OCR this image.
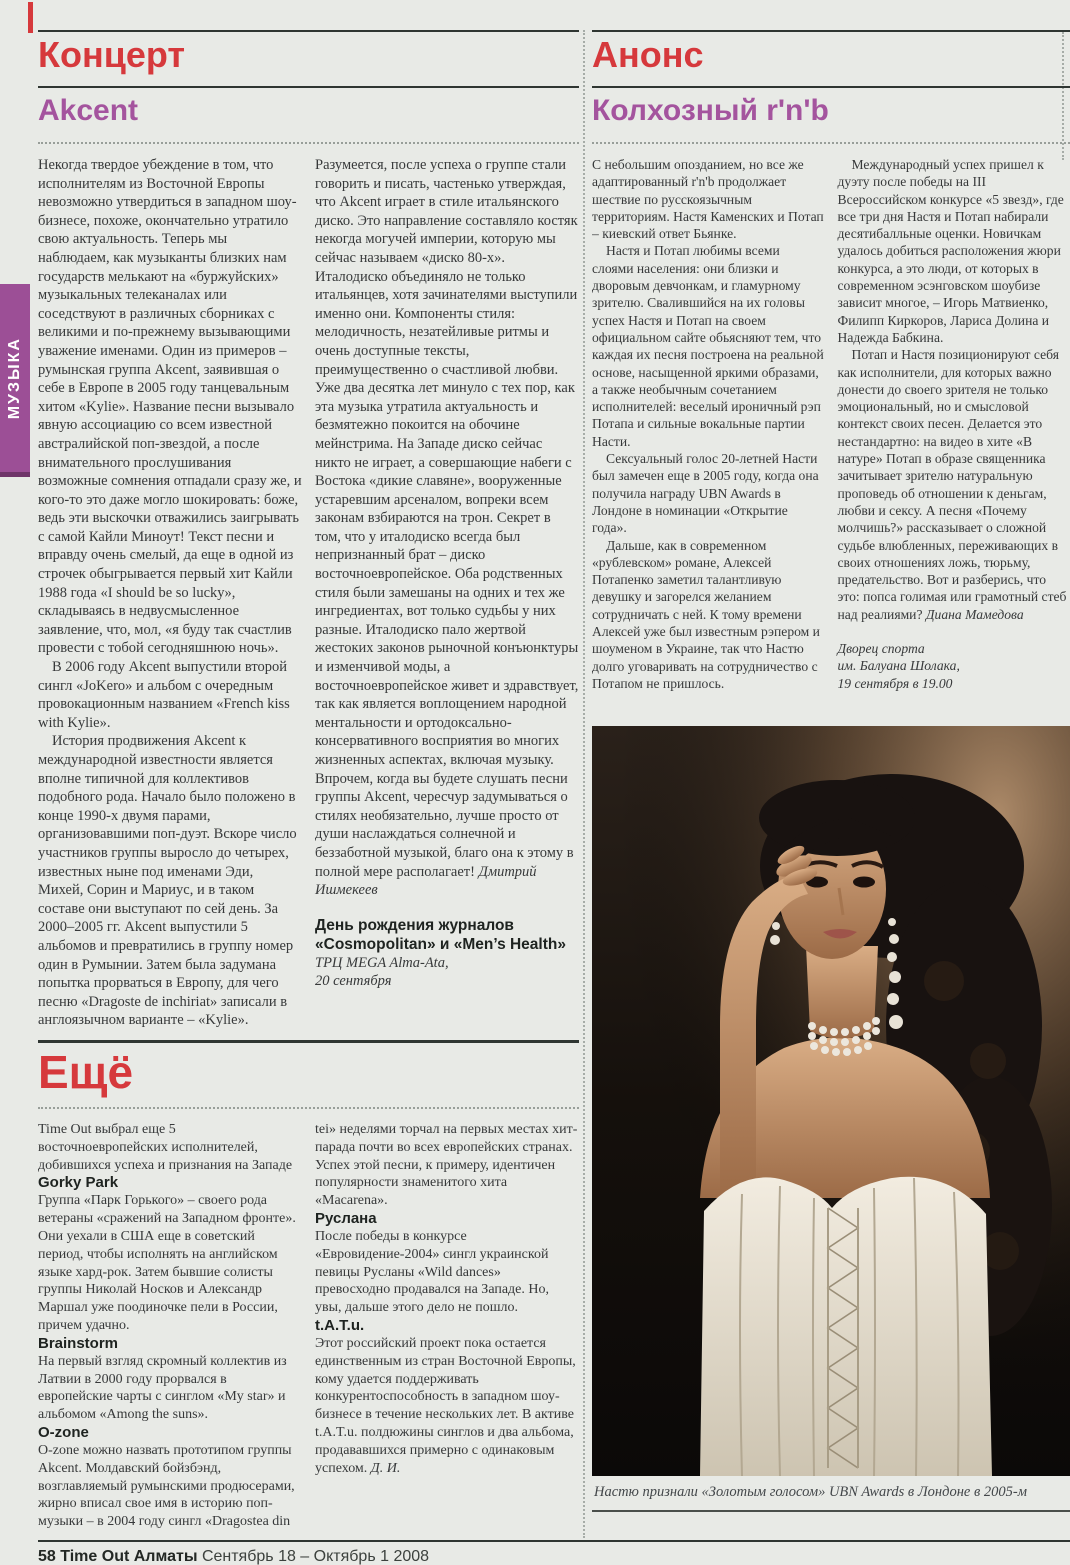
МУЗЫКА
Концерт
Akcent

Некогда твердое убеждение в том, что исполнителям из Восточной Европы невозможно утвердиться в западном шоу-бизнесе, похоже, окончательно утратило свою актуальность. Теперь мы наблюдаем, как музыканты близких нам государств мелькают на «буржуйских» музыкальных телеканалах или соседствуют в различных сборниках с великими и по-прежнему вызывающими уважение именами. Один из примеров – румынская группа Akcent, заявившая о себе в Европе в 2005 году танцевальным хитом «Kylie». Название песни вызывало явную ассоциацию со всем известной австралийской поп-звездой, а после внимательного прослушивания возможные сомнения отпадали сразу же, и кого-то это даже могло шокировать: боже, ведь эти выскочки отважились заигрывать с самой Кайли Миноут! Текст песни и вправду очень смелый, да еще в одной из строчек обыгрывается первый хит Кайли 1988 года «I should be so lucky», складываясь в недвусмысленное заявление, что, мол, «я буду так счастлив провести с тобой сегодняшнюю ночь».

В 2006 году Akcent выпустили второй сингл «JoKero» и альбом с очередным провокационным названием «French kiss with Kylie».

История продвижения Akcent к международной известности является вполне типичной для коллективов подобного рода. Начало было положено в конце 1990-х двумя парами, организовавшими поп-дуэт. Вскоре число участников группы выросло до четырех, известных ныне под именами Эди, Михей, Сорин и Мариус, и в таком составе они выступают по сей день. За 2000–2005 гг. Akcent выпустили 5 альбомов и превратились в группу номер один в Румынии. Затем была задумана попытка прорваться в Европу, для чего песню «Dragoste de inchiriat» записали в англоязычном варианте – «Kylie». Разумеется, после успеха о группе стали говорить и писать, частенько утверждая, что Akcent играет в стиле итальянского диско. Это направление составляло костяк некогда могучей империи, которую мы сейчас называем «диско 80-х». Италодиско объединяло не только итальянцев, хотя зачинателями выступили именно они. Компоненты стиля: мелодичность, незатейливые ритмы и очень доступные тексты, преимущественно о счастливой любви. Уже два десятка лет минуло с тех пор, как эта музыка утратила актуальность и безмятежно покоится на обочине мейнстрима. На Западе диско сейчас никто не играет, а совершающие набеги с Востока «дикие славяне», вооруженные устаревшим арсеналом, вопреки всем законам взбираются на трон. Секрет в том, что у италодиско всегда был непризнанный брат – диско восточноевропейское. Оба родственных стиля были замешаны на одних и тех же ингредиентах, вот только судьбы у них разные. Италодиско пало жертвой жестоких законов рыночной конъюнктуры и изменчивой моды, а восточноевропейское живет и здравствует, так как является воплощением народной ментальности и ортодоксально-консервативного восприятия во многих жизненных аспектах, включая музыку. Впрочем, когда вы будете слушать песни группы Akcent, чересчур задумываться о стилях необязательно, лучше просто от души наслаждаться солнечной и беззаботной музыкой, благо она к этому в полной мере располагает! Дмитрий Ишмекеев

День рождения журналов «Cosmopolitan» и «Men’s Health»

ТРЦ MEGA Alma-Ata,

20 сентября

Ещё

Time Out выбрал еще 5 восточноевропейских исполнителей, добившихся успеха и признания на Западе

Gorky Park

Группа «Парк Горького» – своего рода ветераны «сражений на Западном фронте». Они уехали в США еще в советский период, чтобы исполнять на английском языке хард-рок. Затем бывшие солисты группы Николай Носков и Александр Маршал уже поодиночке пели в России, причем удачно.

Brainstorm

На первый взгляд скромный коллектив из Латвии в 2000 году прорвался в европейские чарты с синглом «My star» и альбомом «Among the suns».

O-zone

O-zone можно назвать прототипом группы Akcent. Молдавский бойзбэнд, возглавляемый румынскими продюсерами, жирно вписал свое имя в историю поп-музыки – в 2004 году сингл «Dragostea din tei» неделями торчал на первых местах хит-парада почти во всех европейских странах. Успех этой песни, к примеру, идентичен популярности знаменитого хита «Macarena».

Руслана

После победы в конкурсе «Евровидение-2004» сингл украинской певицы Русланы «Wild dances» превосходно продавался на Западе. Но, увы, дальше этого дело не пошло.

t.A.T.u.

Этот российский проект пока остается единственным из стран Восточной Европы, кому удается поддерживать конкурентоспособность в западном шоу-бизнесе в течение нескольких лет. В активе t.A.T.u. полдюжины синглов и два альбома, продававшихся примерно с одинаковым успехом. Д. И.

Анонс
Колхозный r'n'b

С небольшим опозданием, но все же адаптированный r'n'b продолжает шествие по русскоязычным территориям. Настя Каменских и Потап – киевский ответ Бьянке.

Настя и Потап любимы всеми слоями населения: они близки и дворовым девчонкам, и гламурному зрителю. Свалившийся на их головы успех Настя и Потап на своем официальном сайте обьясняют тем, что каждая их песня построена на реальной основе, насыщенной яркими образами, а также необычным сочетанием исполнителей: веселый ироничный рэп Потапа и сильные вокальные партии Насти.

Сексуальный голос 20-летней Насти был замечен еще в 2005 году, когда она получила награду UBN Awards в Лондоне в номинации «Открытие года».

Дальше, как в современном «рублевском» романе, Алексей Потапенко заметил талантливую девушку и загорелся желанием сотрудничать с ней. К тому времени Алексей уже был известным рэпером и шоуменом в Украине, так что Настю долго уговаривать на сотрудничество с Потапом не пришлось.

Международный успех пришел к дуэту после победы на III Всероссийском конкурсе «5 звезд», где все три дня Настя и Потап набирали десятибалльные оценки. Новичкам удалось добиться расположения жюри конкурса, а это люди, от которых в современном эсэнговском шоубизе зависит многое, – Игорь Матвиенко, Филипп Киркоров, Лариса Долина и Надежда Бабкина.

Потап и Настя позиционируют себя как исполнители, для которых важно донести до своего зрителя не только эмоциональный, но и смысловой контекст своих песен. Делается это нестандартно: на видео в хите «В натуре» Потап в образе священника зачитывает зрителю натуральную проповедь об отношении к деньгам, любви и сексу. А песня «Почему молчишь?» рассказывает о сложной судьбе влюбленных, переживающих в своих отношениях ложь, тюрьму, предательство. Вот и разберись, что это: попса голимая или грамотный стеб над реалиями? Диана Мамедова

Дворец спорта

им. Балуана Шолака,

19 сентября в 19.00

Настю признали «Золотым голосом» UBN Awards в Лондоне в 2005-м
58 Time Out Алматы Сентябрь 18 – Октябрь 1 2008
